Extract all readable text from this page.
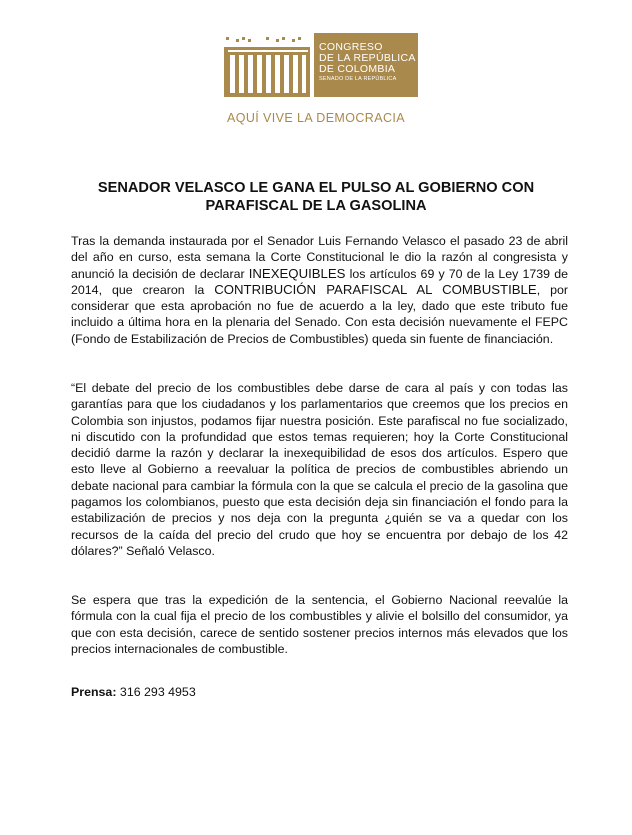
CONGRESO
DE LA REPÚBLICA
DE COLOMBIA
SENADO DE LA REPÚBLICA
AQUÍ VIVE LA DEMOCRACIA
SENADOR VELASCO LE GANA EL PULSO AL GOBIERNO CON
PARAFISCAL DE LA GASOLINA

Tras la demanda instaurada por el Senador Luis Fernando Velasco el pasado 23 de abril del año en curso, esta semana la Corte Constitucional le dio la razón al congresista y anunció la decisión de declarar INEXEQUIBLES los artículos 69 y 70 de la Ley 1739 de 2014, que crearon la CONTRIBUCIÓN PARAFISCAL AL COMBUSTIBLE, por considerar que esta aprobación no fue de acuerdo a la ley, dado que este tributo fue incluido a última hora en la plenaria del Senado. Con esta decisión nuevamente el FEPC (Fondo de Estabilización de Precios de Combustibles) queda sin fuente de financiación.

“El debate del precio de los combustibles debe darse de cara al país y con todas las garantías para que los ciudadanos y los parlamentarios que creemos que los precios en Colombia son injustos, podamos fijar nuestra posición. Este parafiscal no fue socializado, ni discutido con la profundidad que estos temas requieren; hoy la Corte Constitucional decidió darme la razón y declarar la inexequibilidad de esos dos artículos. Espero que esto lleve al Gobierno a reevaluar la política de precios de combustibles abriendo un debate nacional para cambiar la fórmula con la que se calcula el precio de la gasolina que pagamos los colombianos, puesto que esta decisión deja sin financiación el fondo para la estabilización de precios y nos deja con la pregunta ¿quién se va a quedar con los recursos de la caída del precio del crudo que hoy se encuentra por debajo de los 42 dólares?” Señaló Velasco.

Se espera que tras la expedición de la sentencia, el Gobierno Nacional reevalúe la fórmula con la cual fija el precio de los combustibles y alivie el bolsillo del consumidor, ya que con esta decisión, carece de sentido sostener precios internos más elevados que los precios internacionales de combustible.

Prensa: 316 293 4953
